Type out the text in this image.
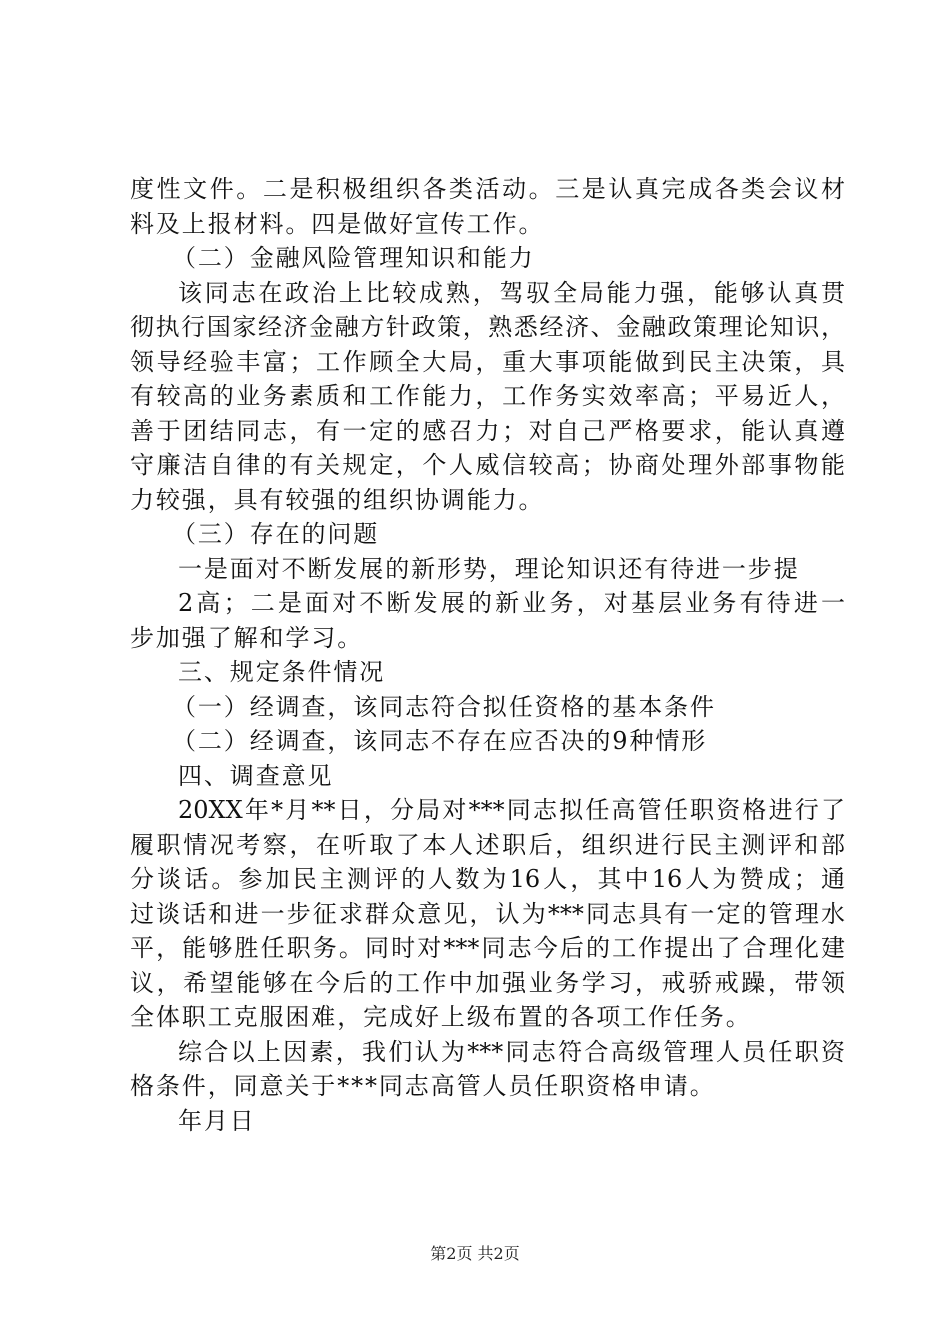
度性文件。二是积极组织各类活动。三是认真完成各类会议材
料及上报材料。四是做好宣传工作。
（二）金融风险管理知识和能力
该同志在政治上比较成熟，驾驭全局能力强，能够认真贯
彻执行国家经济金融方针政策，熟悉经济、金融政策理论知识，
领导经验丰富；工作顾全大局，重大事项能做到民主决策，具
有较高的业务素质和工作能力，工作务实效率高；平易近人，
善于团结同志，有一定的感召力；对自己严格要求，能认真遵
守廉洁自律的有关规定，个人威信较高；协商处理外部事物能
力较强，具有较强的组织协调能力。
（三）存在的问题
一是面对不断发展的新形势，理论知识还有待进一步提
2高；二是面对不断发展的新业务，对基层业务有待进一
步加强了解和学习。
三、规定条件情况
（一）经调查，该同志符合拟任资格的基本条件
（二）经调查，该同志不存在应否决的9种情形
四、调查意见
20XX年*月**日，分局对***同志拟任高管任职资格进行了
履职情况考察，在听取了本人述职后，组织进行民主测评和部
分谈话。参加民主测评的人数为16人，其中16人为赞成；通
过谈话和进一步征求群众意见，认为***同志具有一定的管理水
平，能够胜任职务。同时对***同志今后的工作提出了合理化建
议，希望能够在今后的工作中加强业务学习，戒骄戒躁，带领
全体职工克服困难，完成好上级布置的各项工作任务。
综合以上因素，我们认为***同志符合高级管理人员任职资
格条件，同意关于***同志高管人员任职资格申请。
年月日
第2页 共2页
